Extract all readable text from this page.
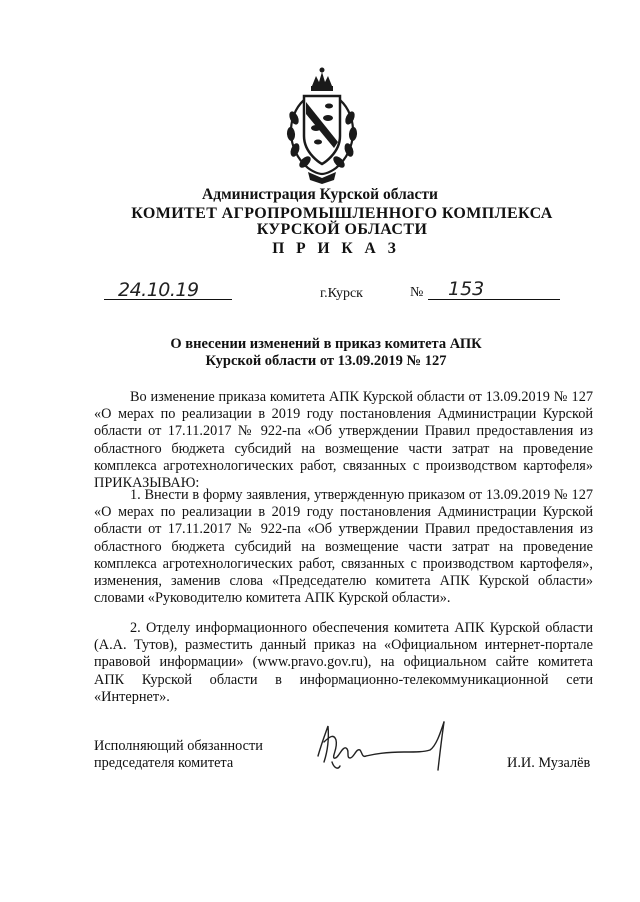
Администрация Курской области
КОМИТЕТ АГРОПРОМЫШЛЕННОГО КОМПЛЕКСА
КУРСКОЙ ОБЛАСТИ
П Р И К А З
24.10.19	г.Курск	№ 153
О внесении изменений в приказ комитета АПК
Курской области от 13.09.2019 № 127

Во изменение приказа комитета АПК Курской области от 13.09.2019 № 127 «О мерах по реализации в 2019 году постановления Администрации Курской области от 17.11.2017 № 922-па «Об утверждении Правил предоставления из областного бюджета субсидий на возмещение части затрат на проведение комплекса агротехнологических работ, связанных с производством картофеля» ПРИКАЗЫВАЮ:

1. Внести в форму заявления, утвержденную приказом от 13.09.2019 № 127 «О мерах по реализации в 2019 году постановления Администрации Курской области от 17.11.2017 № 922-па «Об утверждении Правил предоставления из областного бюджета субсидий на возмещение части затрат на проведение комплекса агротехнологических работ, связанных с производством картофеля», изменения, заменив слова «Председателю комитета АПК Курской области» словами «Руководителю комитета АПК Курской области».

2. Отделу информационного обеспечения комитета АПК Курской области (А.А. Тутов), разместить данный приказ на «Официальном интернет-портале правовой информации» (www.pravo.gov.ru), на официальном сайте комитета АПК Курской области в информационно-телекоммуникационной сети «Интернет».

Исполняющий обязанности
председателя комитета	И.И. Музалёв
